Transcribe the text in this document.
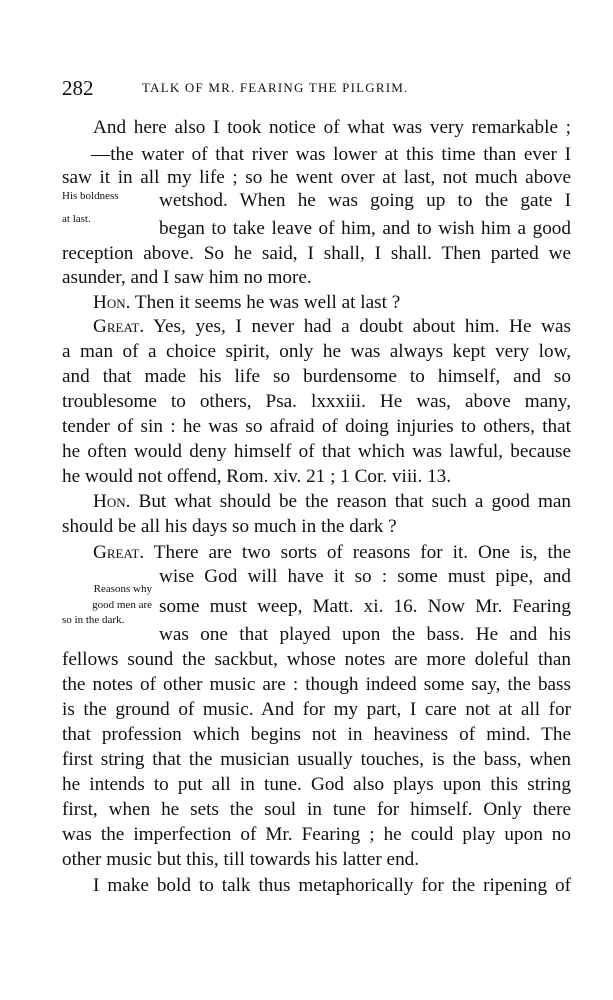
282	TALK OF MR. FEARING THE PILGRIM.
His boldness
at last.
Reasons why
good men are
so in the dark.
And here also I took notice of what was very remarkable ;
—the water of that river was lower at this time than ever I
saw it in all my life ; so he went over at last, not much above
wetshod. When he was going up to the gate I
began to take leave of him, and to wish him a good
reception above. So he said, I shall, I shall. Then parted we
asunder, and I saw him no more.
Hon. Then it seems he was well at last ?
Great. Yes, yes, I never had a doubt about him. He was
a man of a choice spirit, only he was always kept very low,
and that made his life so burdensome to himself, and so
troublesome to others, Psa. lxxxiii. He was, above many,
tender of sin : he was so afraid of doing injuries to others, that
he often would deny himself of that which was lawful, because
he would not offend, Rom. xiv. 21 ; 1 Cor. viii. 13.
Hon. But what should be the reason that such a good man
should be all his days so much in the dark ?
Great. There are two sorts of reasons for it. One is, the
wise God will have it so : some must pipe, and
some must weep, Matt. xi. 16. Now Mr. Fearing
was one that played upon the bass. He and his
fellows sound the sackbut, whose notes are more doleful than
the notes of other music are : though indeed some say, the bass
is the ground of music. And for my part, I care not at all for
that profession which begins not in heaviness of mind. The
first string that the musician usually touches, is the bass, when
he intends to put all in tune. God also plays upon this string
first, when he sets the soul in tune for himself. Only there
was the imperfection of Mr. Fearing ; he could play upon no
other music but this, till towards his latter end.
I make bold to talk thus metaphorically for the ripening of
